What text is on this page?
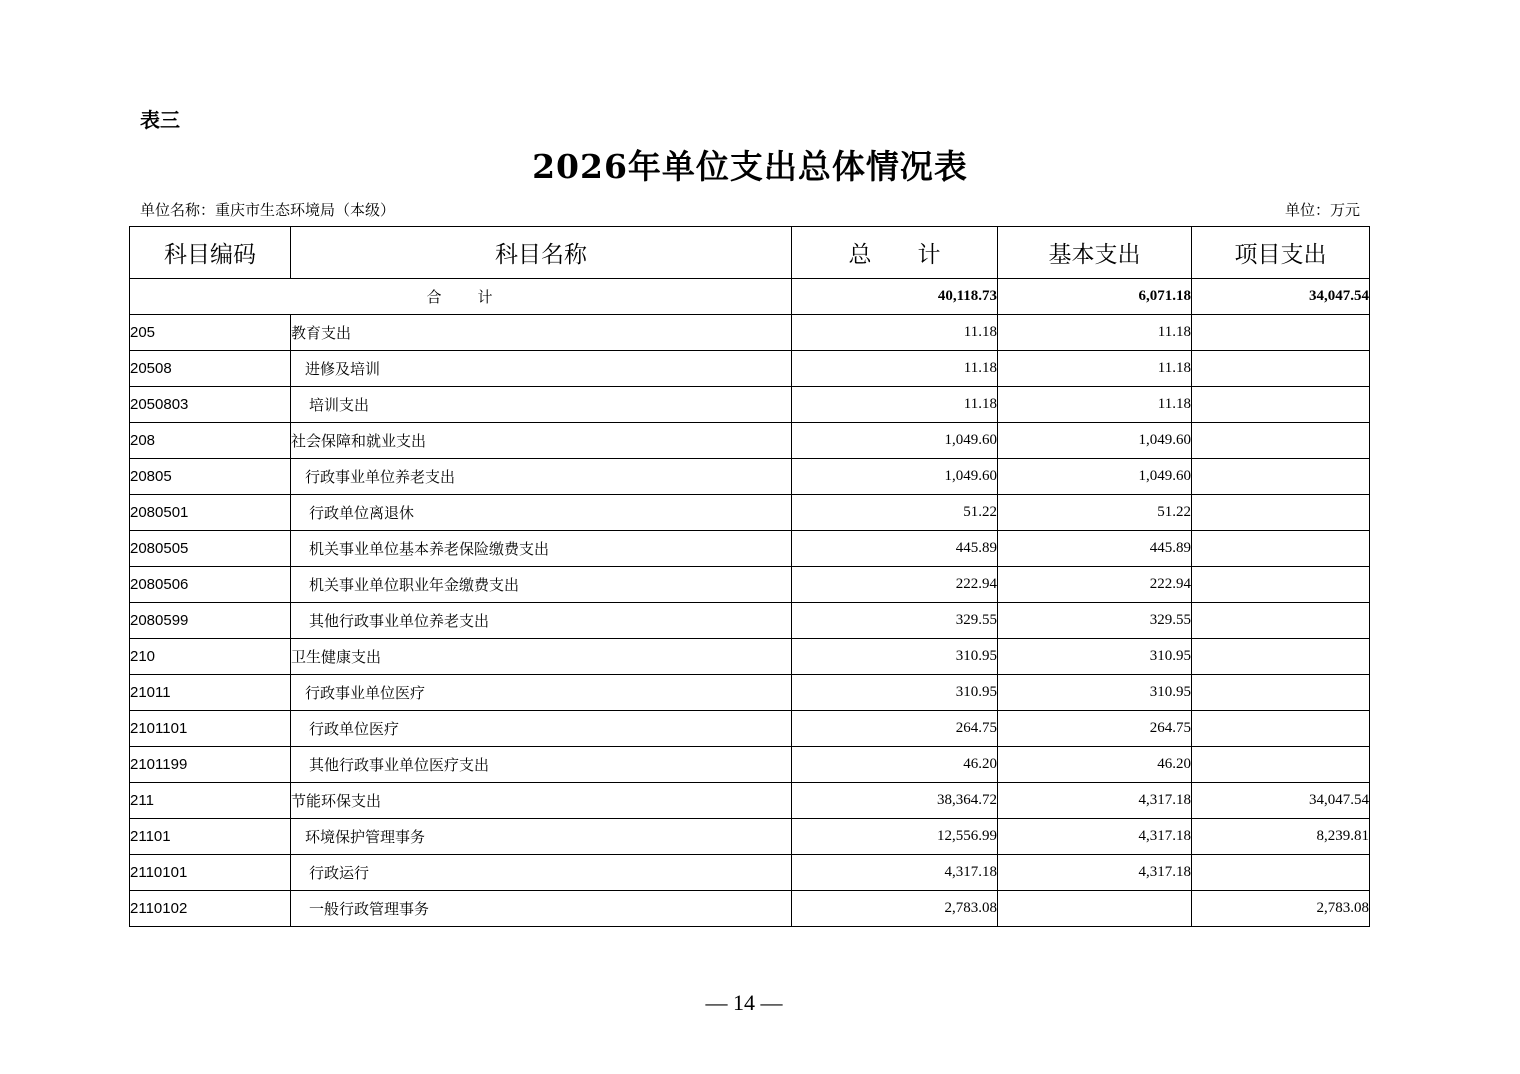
表三
2026年单位支出总体情况表
单位名称：重庆市生态环境局（本级）	单位：万元
科目编码	科目名称	总　　计	基本支出	项目支出
合　　计		40,118.73	6,071.18	34,047.54
205	教育支出	11.18	11.18	
20508	进修及培训	11.18	11.18	
2050803	培训支出	11.18	11.18	
208	社会保障和就业支出	1,049.60	1,049.60	
20805	行政事业单位养老支出	1,049.60	1,049.60	
2080501	行政单位离退休	51.22	51.22	
2080505	机关事业单位基本养老保险缴费支出	445.89	445.89	
2080506	机关事业单位职业年金缴费支出	222.94	222.94	
2080599	其他行政事业单位养老支出	329.55	329.55	
210	卫生健康支出	310.95	310.95	
21011	行政事业单位医疗	310.95	310.95	
2101101	行政单位医疗	264.75	264.75	
2101199	其他行政事业单位医疗支出	46.20	46.20	
211	节能环保支出	38,364.72	4,317.18	34,047.54
21101	环境保护管理事务	12,556.99	4,317.18	8,239.81
2110101	行政运行	4,317.18	4,317.18	
2110102	一般行政管理事务	2,783.08		2,783.08
— 14 —
